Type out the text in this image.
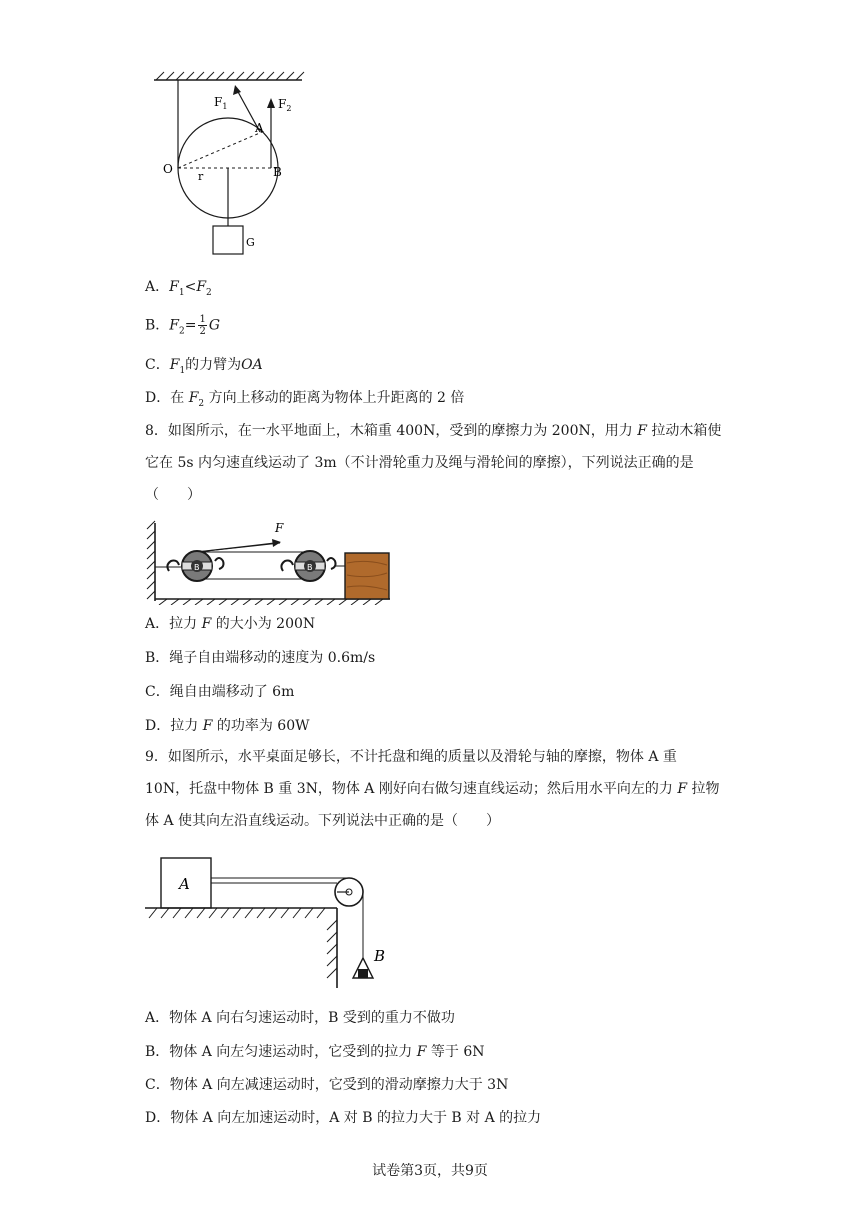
$F_1$	$F_2$
A
O	B
r
G
A．$F_1<F_2$
B．$F_2= \frac{1}{2}$ G
C．$F_1$的力臂为OA
D．在 $F_2$ 方向上移动的距离为物体上升距离的 2 倍
8．如图所示，在一水平地面上，木箱重 400N，受到的摩擦力为 200N，用力 F 拉动木箱使它在 5s 内匀速直线运动了 3m（不计滑轮重力及绳与滑轮间的摩擦），下列说法正确的是（　　）
F
B	B
A．拉力 F 的大小为 200N
B．绳子自由端移动的速度为 0.6m/s
C．绳自由端移动了 6m
D．拉力 F 的功率为 60W
9．如图所示，水平桌面足够长，不计托盘和绳的质量以及滑轮与轴的摩擦，物体 A 重 10N，托盘中物体 B 重 3N，物体 A 刚好向右做匀速直线运动；然后用水平向左的力 F 拉物体 A 使其向左沿直线运动。下列说法中正确的是（　　）
A
B
A．物体 A 向右匀速运动时，B 受到的重力不做功
B．物体 A 向左匀速运动时，它受到的拉力 F 等于 6N
C．物体 A 向左减速运动时，它受到的滑动摩擦力大于 3N
D．物体 A 向左加速运动时，A 对 B 的拉力大于 B 对 A 的拉力
试卷第3页，共9页
